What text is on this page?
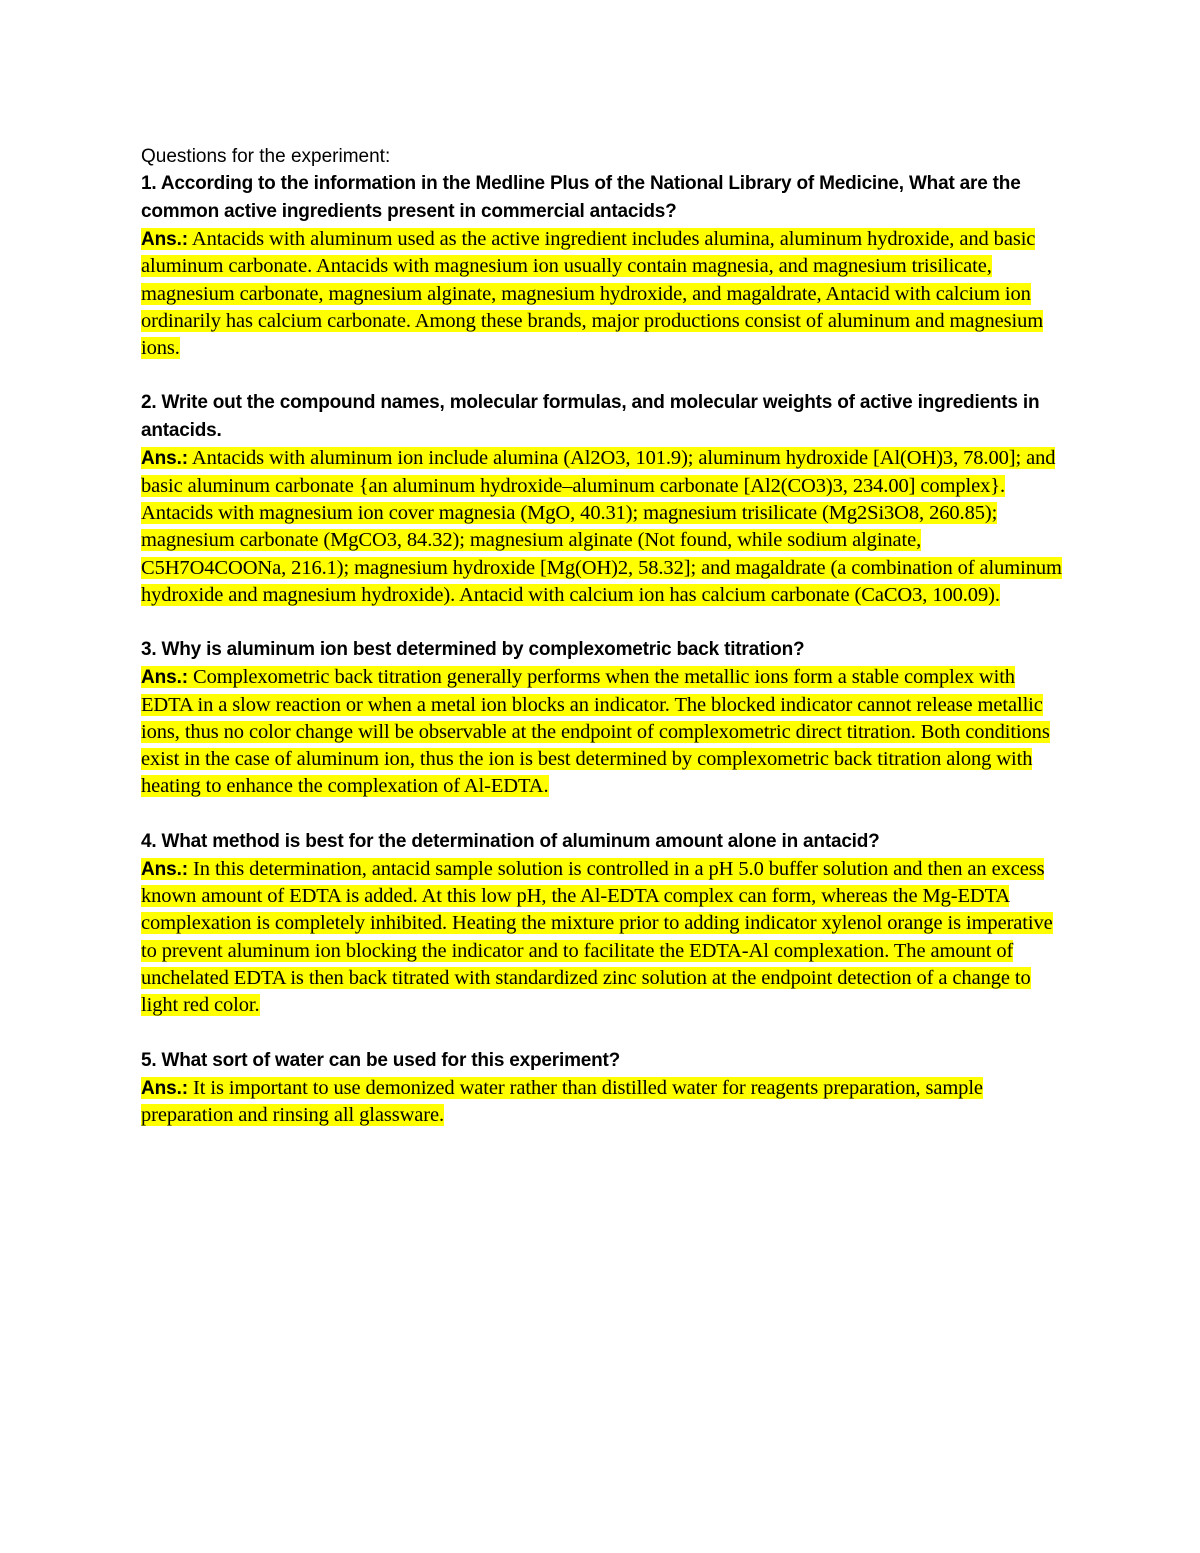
Questions for the experiment:

1. According to the information in the Medline Plus of the National Library of Medicine, What are the common active ingredients present in commercial antacids?

Ans.: Antacids with aluminum used as the active ingredient includes alumina, aluminum hydroxide, and basic aluminum carbonate. Antacids with magnesium ion usually contain magnesia, and magnesium trisilicate, magnesium carbonate, magnesium alginate, magnesium hydroxide, and magaldrate, Antacid with calcium ion ordinarily has calcium carbonate. Among these brands, major productions consist of aluminum and magnesium ions.

2. Write out the compound names, molecular formulas, and molecular weights of active ingredients in antacids.

Ans.: Antacids with aluminum ion include alumina (Al2O3, 101.9); aluminum hydroxide [Al(OH)3, 78.00]; and basic aluminum carbonate {an aluminum hydroxide–aluminum carbonate [Al2(CO3)3, 234.00] complex}. Antacids with magnesium ion cover magnesia (MgO, 40.31); magnesium trisilicate (Mg2Si3O8, 260.85); magnesium carbonate (MgCO3, 84.32); magnesium alginate (Not found, while sodium alginate, C5H7O4COONa, 216.1); magnesium hydroxide [Mg(OH)2, 58.32]; and magaldrate (a combination of aluminum hydroxide and magnesium hydroxide). Antacid with calcium ion has calcium carbonate (CaCO3, 100.09).

3. Why is aluminum ion best determined by complexometric back titration?

Ans.: Complexometric back titration generally performs when the metallic ions form a stable complex with EDTA in a slow reaction or when a metal ion blocks an indicator. The blocked indicator cannot release metallic ions, thus no color change will be observable at the endpoint of complexometric direct titration. Both conditions exist in the case of aluminum ion, thus the ion is best determined by complexometric back titration along with heating to enhance the complexation of Al-EDTA.

4. What method is best for the determination of aluminum amount alone in antacid?

Ans.: In this determination, antacid sample solution is controlled in a pH 5.0 buffer solution and then an excess known amount of EDTA is added. At this low pH, the Al-EDTA complex can form, whereas the Mg-EDTA complexation is completely inhibited. Heating the mixture prior to adding indicator xylenol orange is imperative to prevent aluminum ion blocking the indicator and to facilitate the EDTA-Al complexation. The amount of unchelated EDTA is then back titrated with standardized zinc solution at the endpoint detection of a change to light red color.

5. What sort of water can be used for this experiment?

Ans.: It is important to use demonized water rather than distilled water for reagents preparation, sample preparation and rinsing all glassware.
